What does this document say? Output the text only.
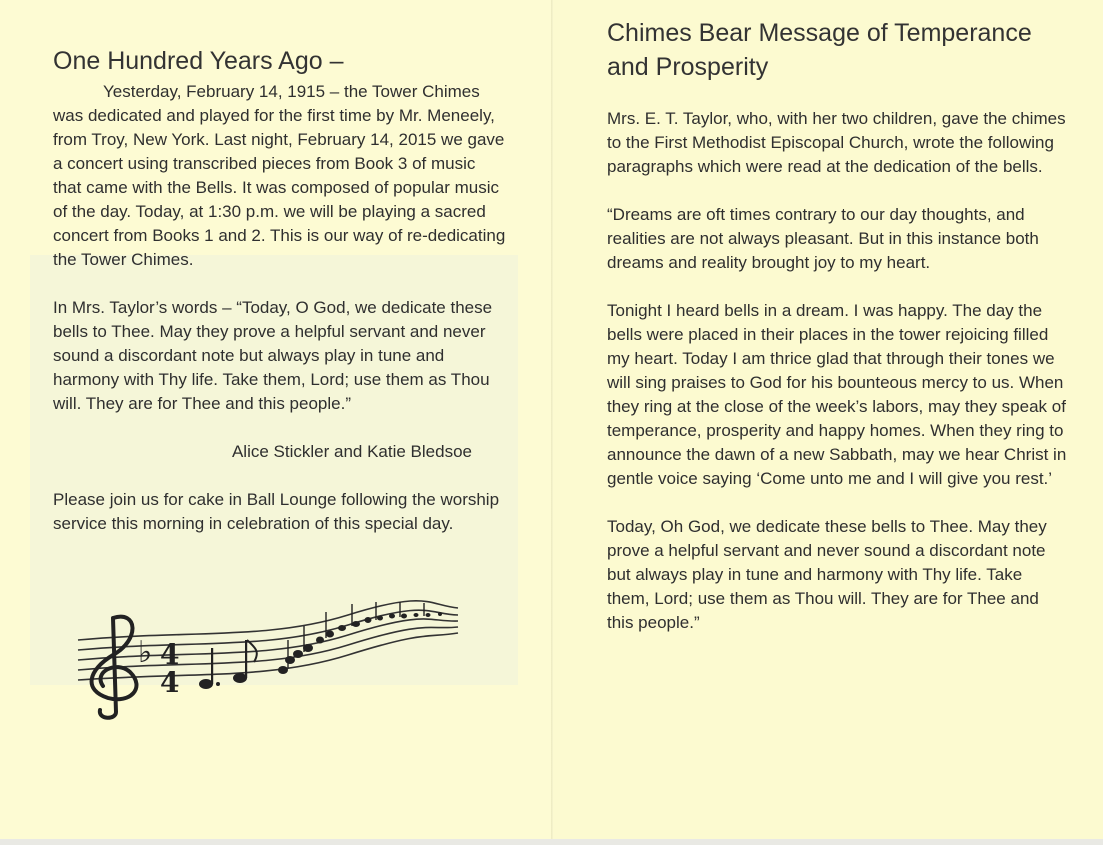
One Hundred Years Ago –

Yesterday, February 14, 1915 – the Tower Chimes was dedicated and played for the first time by Mr. Meneely, from Troy, New York. Last night, February 14, 2015 we gave a concert using transcribed pieces from Book 3 of music that came with the Bells. It was composed of popular music of the day. Today, at 1:30 p.m. we will be playing a sacred concert from Books 1 and 2. This is our way of re-dedicating the Tower Chimes.

In Mrs. Taylor’s words – “Today, O God, we dedicate these bells to Thee. May they prove a helpful servant and never sound a discordant note but always play in tune and harmony with Thy life. Take them, Lord; use them as Thou will. They are for Thee and this people.”

Alice Stickler and Katie Bledsoe

Please join us for cake in Ball Lounge following the worship service this morning in celebration of this special day.

♭ 4
4
Chimes Bear Message of Temperance and Prosperity

Mrs. E. T. Taylor, who, with her two children, gave the chimes to the First Methodist Episcopal Church, wrote the following paragraphs which were read at the dedication of the bells.

“Dreams are oft times contrary to our day thoughts, and realities are not always pleasant. But in this instance both dreams and reality brought joy to my heart.

Tonight I heard bells in a dream. I was happy. The day the bells were placed in their places in the tower rejoicing filled my heart. Today I am thrice glad that through their tones we will sing praises to God for his bounteous mercy to us. When they ring at the close of the week’s labors, may they speak of temperance, prosperity and happy homes. When they ring to announce the dawn of a new Sabbath, may we hear Christ in gentle voice saying ‘Come unto me and I will give you rest.’

Today, Oh God, we dedicate these bells to Thee. May they prove a helpful servant and never sound a discordant note but always play in tune and harmony with Thy life. Take them, Lord; use them as Thou will. They are for Thee and this people.”
